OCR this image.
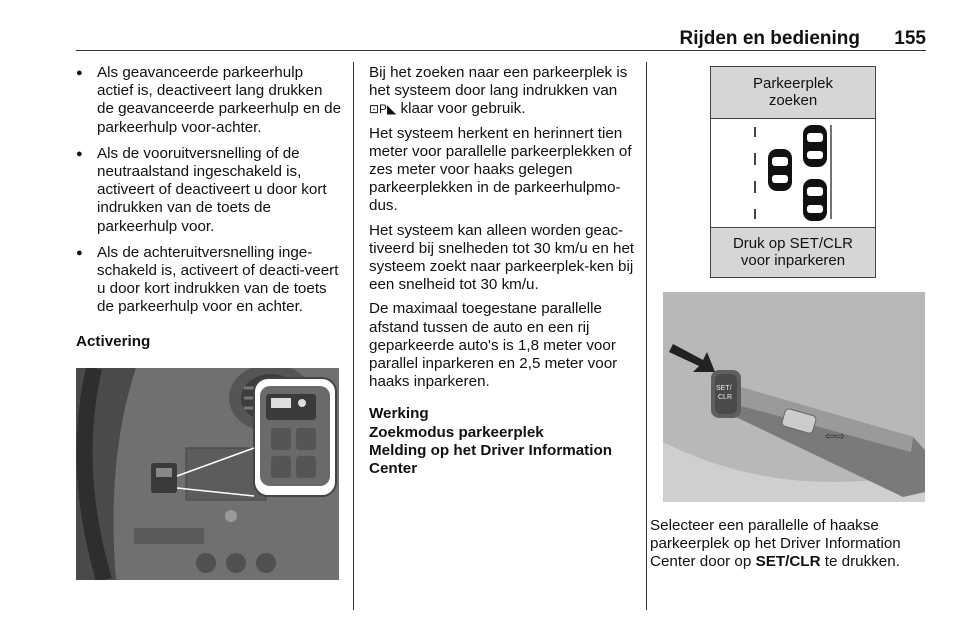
Rijden en bediening 155
● Als geavanceerde parkeerhulp actief is, deactiveert lang drukken de geavanceerde parkeerhulp en de parkeerhulp voor-achter.
● Als de vooruitversnelling of de neutraalstand ingeschakeld is, activeert of deactiveert u door kort indrukken van de toets de parkeerhulp voor.
● Als de achteruitversnelling inge-schakeld is, activeert of deacti-veert u door kort indrukken van de toets de parkeerhulp voor en achter.
Activering

Bij het zoeken naar een parkeerplek is het systeem door lang indrukken van ⊡P◣ klaar voor gebruik.

Het systeem herkent en herinnert tien meter voor parallelle parkeerplekken of zes meter voor haaks gelegen parkeerplekken in de parkeerhulpmo-dus.

Het systeem kan alleen worden geac-tiveerd bij snelheden tot 30 km/u en het systeem zoekt naar parkeerplek-ken bij een snelheid tot 30 km/u.

De maximaal toegestane parallelle afstand tussen de auto en een rij geparkeerde auto's is 1,8 meter voor parallel inparkeren en 2,5 meter voor haaks inparkeren.

Werking
Zoekmodus parkeerplek
Melding op het Driver Information Center
Parkeerplek
zoeken
Druk op SET/CLR
voor inparkeren
SET/
CLR
⇦⇨
Selecteer een parallelle of haakse parkeerplek op het Driver Information Center door op SET/CLR te drukken.
